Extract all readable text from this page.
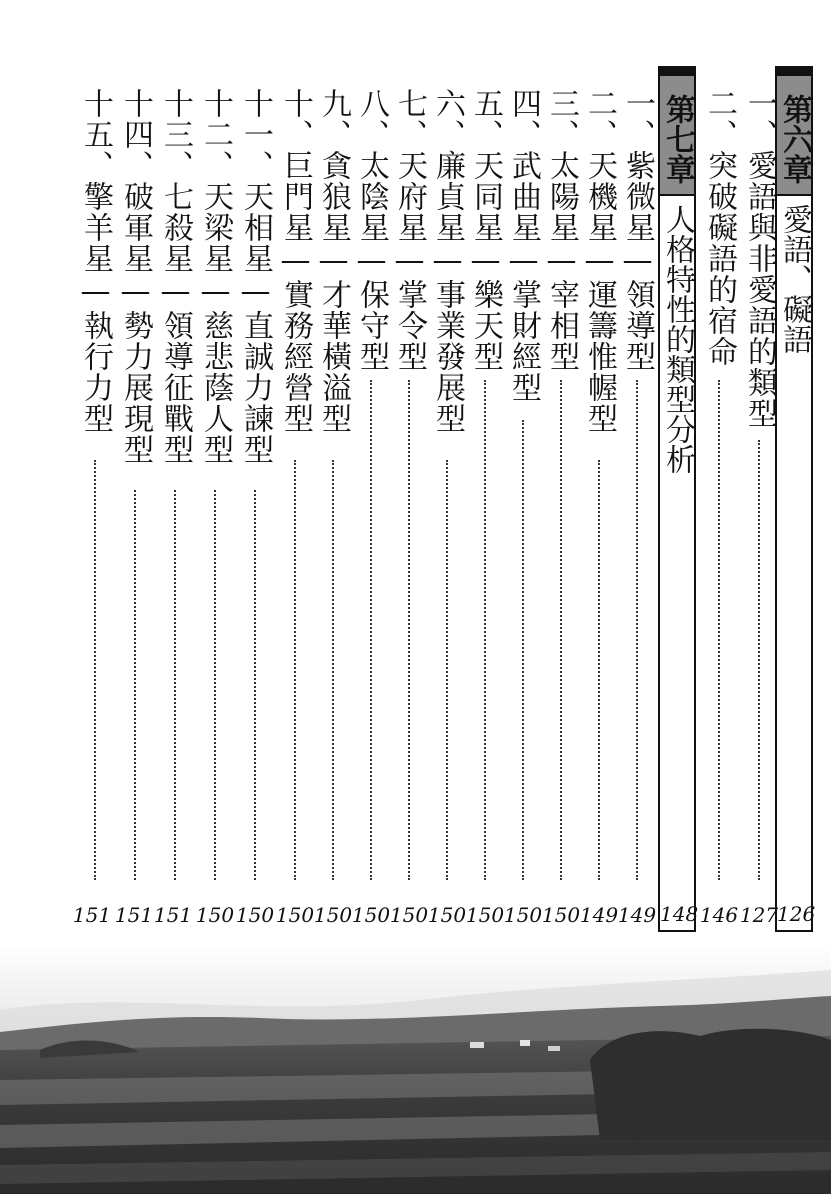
第六章
愛語、礙語
126
一、愛語與非愛語的類型
127
二、突破礙語的宿命
146
第七章
人格特性的類型分析
148
一、紫微星—領導型
149
二、天機星—運籌惟幄型
149
三、太陽星—宰相型
150
四、武曲星—掌財經型
150
五、天同星—樂天型
150
六、廉貞星—事業發展型
150
七、天府星—掌令型
150
八、太陰星—保守型
150
九、貪狼星—才華橫溢型
150
十、巨門星—實務經營型
150
十一、天相星—直誠力諫型
150
十二、天梁星—慈悲蔭人型
150
十三、七殺星—領導征戰型
151
十四、破軍星—勢力展現型
151
十五、擎羊星—執行力型
151
